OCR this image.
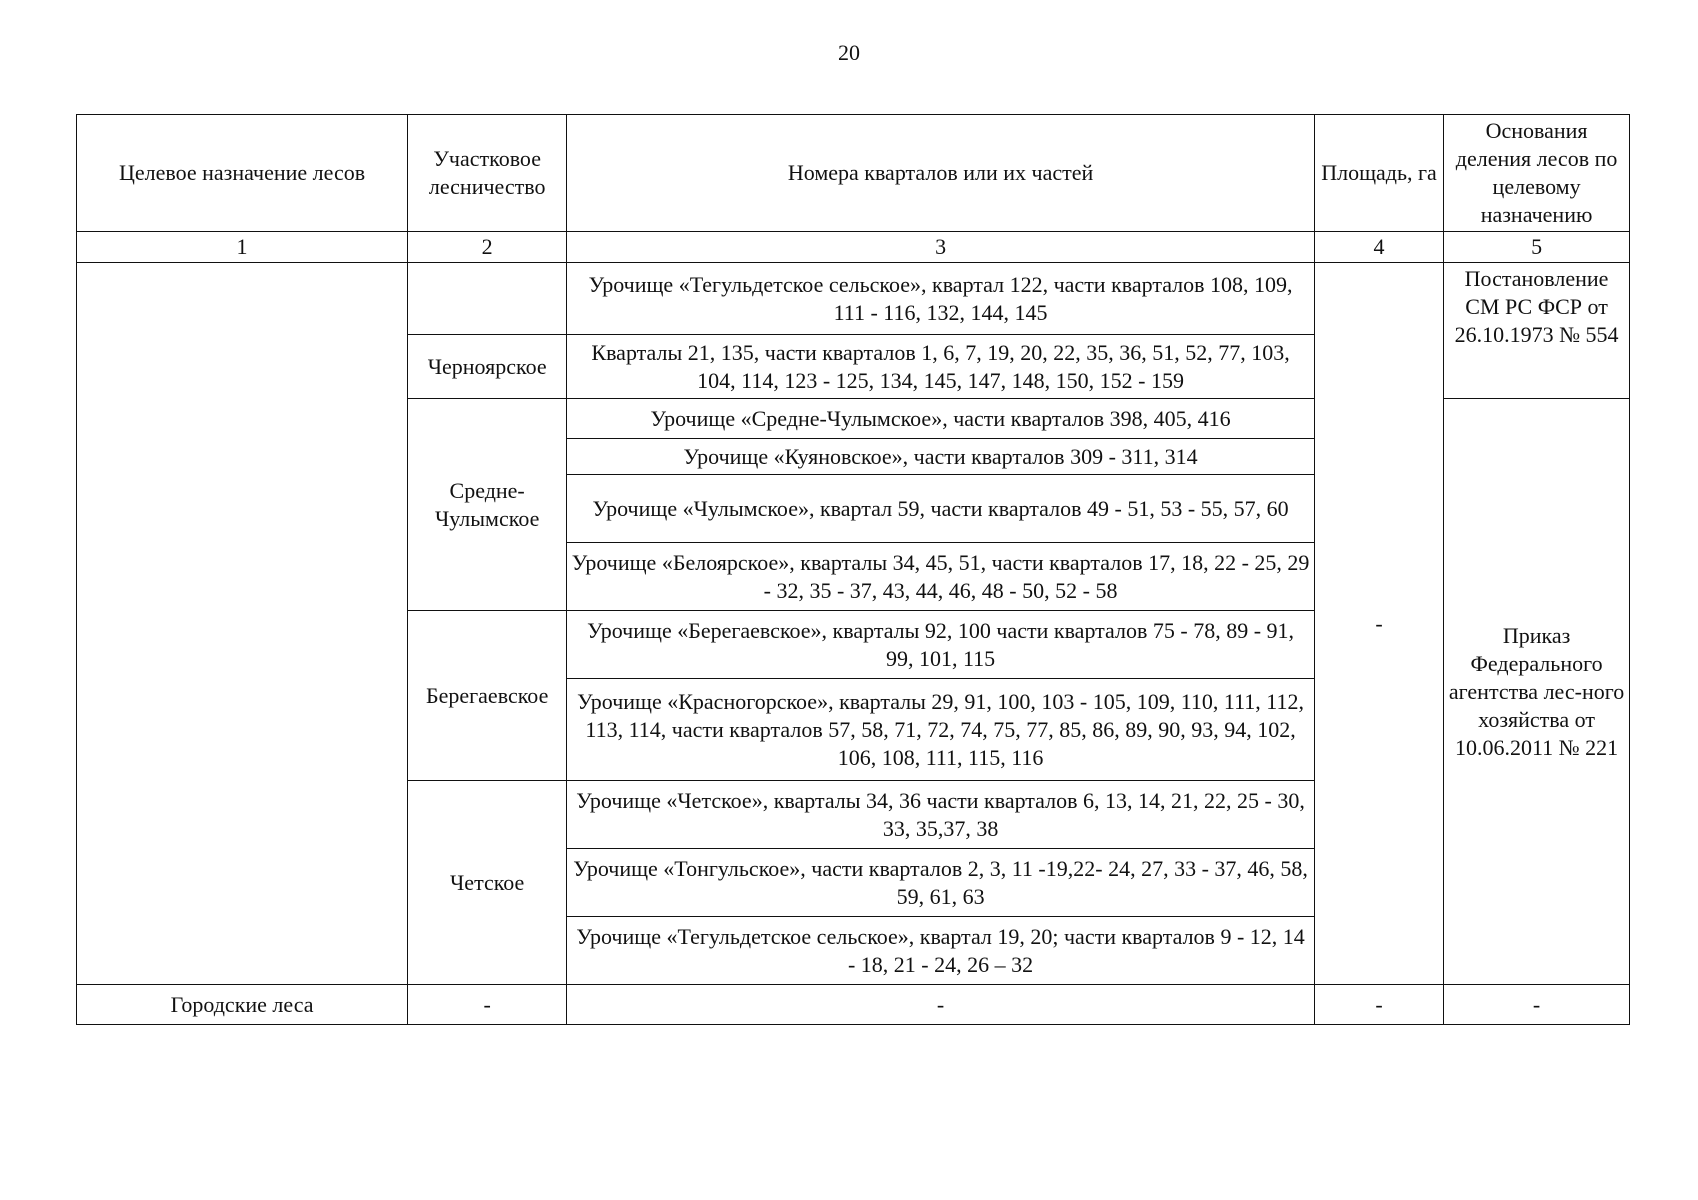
20
Целевое назначение лесов	Участковое лесничество	Номера кварталов или их частей	Площадь, га	Основания деления лесов по целевому назначению
1	2	3	4	5
		Урочище «Тегульдетское сельское», квартал 122, части кварталов 108, 109, 111 - 116, 132, 144, 145	-	Постановление СМ РС ФСР от 26.10.1973 № 554
	Черноярское	Кварталы 21, 135, части кварталов 1, 6, 7, 19, 20, 22, 35, 36, 51, 52, 77, 103, 104, 114, 123 - 125, 134, 145, 147, 148, 150, 152 - 159		
	Средне-Чулымское	Урочище «Средне-Чулымское», части кварталов 398, 405, 416		Приказ Федерального агентства лес-ного хозяйства от 10.06.2011 № 221
		Урочище «Куяновское», части кварталов 309 - 311, 314		
		Урочище «Чулымское», квартал 59, части кварталов 49 - 51, 53 - 55, 57, 60		
		Урочище «Белоярское», кварталы 34, 45, 51, части кварталов 17, 18, 22 - 25, 29 - 32, 35 - 37, 43, 44, 46, 48 - 50, 52 - 58		
	Берегаевское	Урочище «Берегаевское», кварталы 92, 100 части кварталов 75 - 78, 89 - 91, 99, 101, 115		
		Урочище «Красногорское», кварталы 29, 91, 100, 103 - 105, 109, 110, 111, 112, 113, 114, части кварталов 57, 58, 71, 72, 74, 75, 77, 85, 86, 89, 90, 93, 94, 102, 106, 108, 111, 115, 116		
	Четское	Урочище «Четское», кварталы 34, 36 части кварталов 6, 13, 14, 21, 22, 25 - 30, 33, 35,37, 38		
		Урочище «Тонгульское», части кварталов 2, 3, 11 -19,22- 24, 27, 33 - 37, 46, 58, 59, 61, 63		
		Урочище «Тегульдетское сельское», квартал 19, 20; части кварталов 9 - 12, 14 - 18, 21 - 24, 26 – 32		
Городские леса	-	-	-	-
